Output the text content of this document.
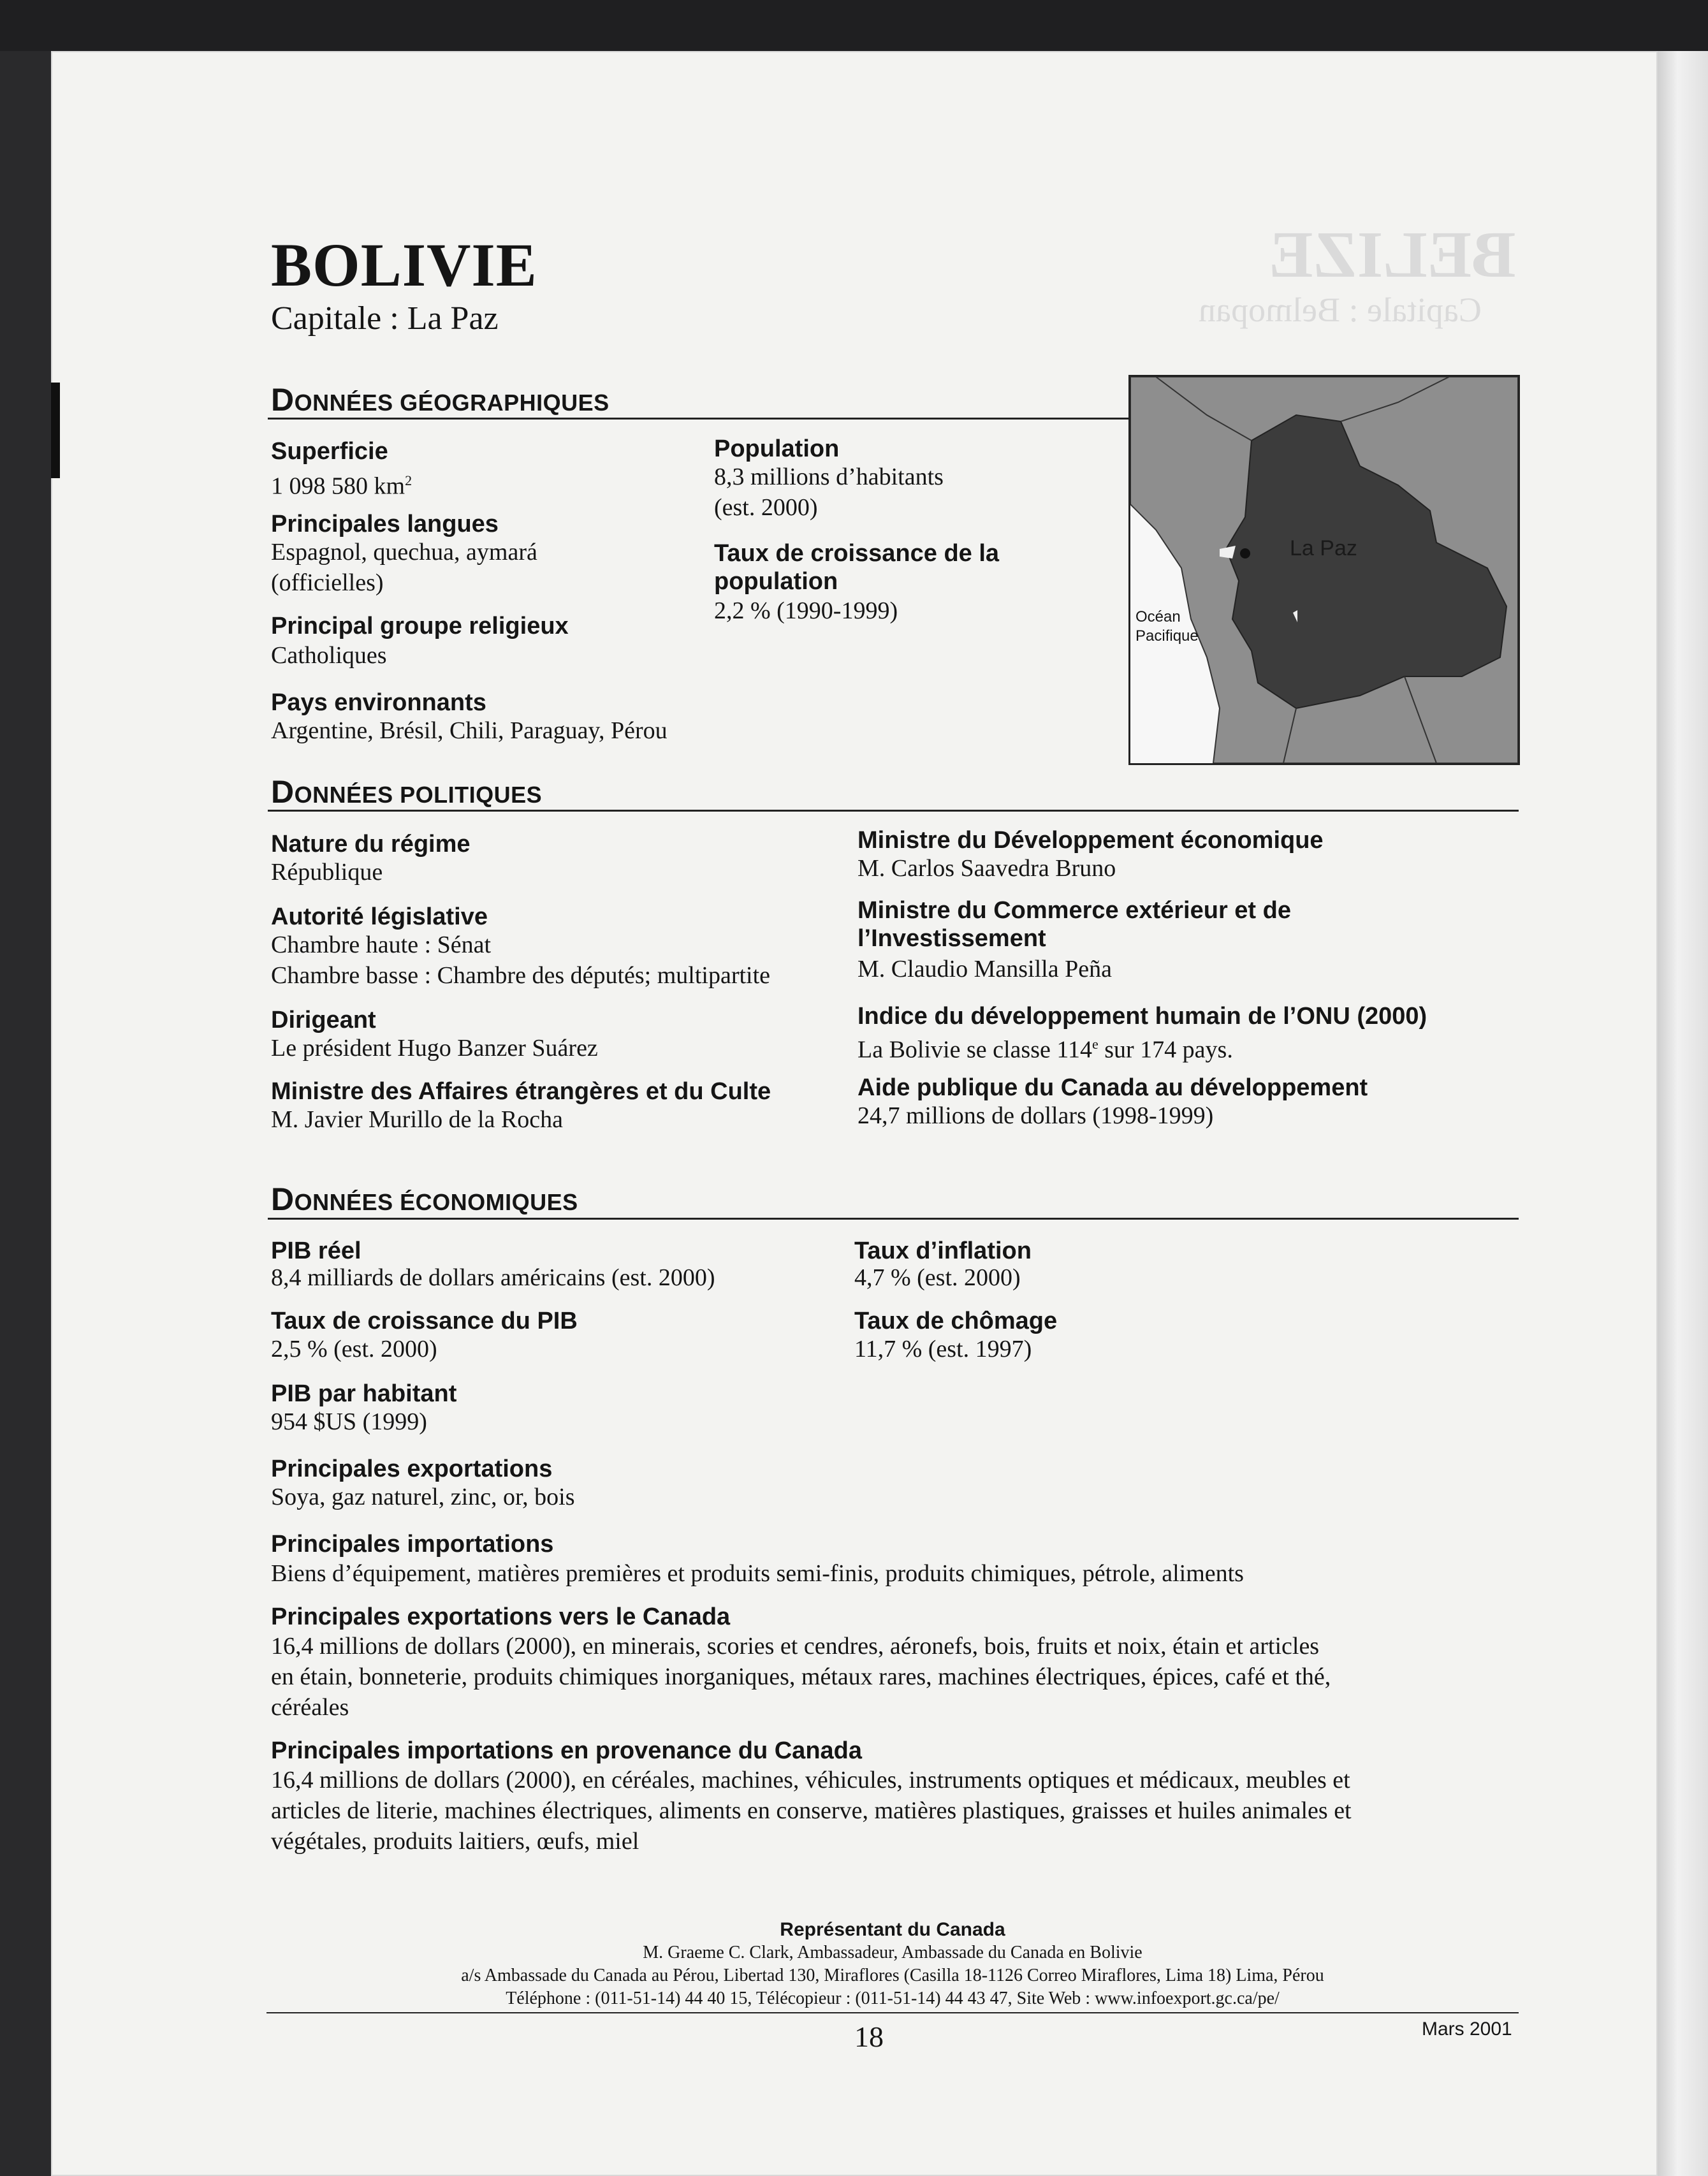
BELIZE
Capitale : Belmopan
BOLIVIE
Capitale : La Paz
DONNÉES GÉOGRAPHIQUES
Superficie
1 098 580 $km^2$
Principales langues
Espagnol, quechua, aymará
(officielles)
Principal groupe religieux
Catholiques
Pays environnants
Argentine, Brésil, Chili, Paraguay, Pérou
Population
8,3 millions d’habitants
(est. 2000)
Taux de croissance de la
population
2,2 % (1990-1999)
La Paz
Océan
Pacifique
DONNÉES POLITIQUES
Nature du régime
République
Autorité législative
Chambre haute : Sénat
Chambre basse : Chambre des députés; multipartite
Dirigeant
Le président Hugo Banzer Suárez
Ministre des Affaires étrangères et du Culte
M. Javier Murillo de la Rocha
Ministre du Développement économique
M. Carlos Saavedra Bruno
Ministre du Commerce extérieur et de
l’Investissement
M. Claudio Mansilla Peña
Indice du développement humain de l’ONU (2000)
La Bolivie se classe 114e sur 174 pays.
Aide publique du Canada au développement
24,7 millions de dollars (1998-1999)
DONNÉES ÉCONOMIQUES
PIB réel
8,4 milliards de dollars américains (est. 2000)
Taux de croissance du PIB
2,5 % (est. 2000)
PIB par habitant
954 $US (1999)
Taux d’inflation
4,7 % (est. 2000)
Taux de chômage
11,7 % (est. 1997)
Principales exportations
Soya, gaz naturel, zinc, or, bois
Principales importations
Biens d’équipement, matières premières et produits semi-finis, produits chimiques, pétrole, aliments
Principales exportations vers le Canada
16,4 millions de dollars (2000), en minerais, scories et cendres, aéronefs, bois, fruits et noix, étain et articles
en étain, bonneterie, produits chimiques inorganiques, métaux rares, machines électriques, épices, café et thé,
céréales
Principales importations en provenance du Canada
16,4 millions de dollars (2000), en céréales, machines, véhicules, instruments optiques et médicaux, meubles et
articles de literie, machines électriques, aliments en conserve, matières plastiques, graisses et huiles animales et
végétales, produits laitiers, œufs, miel
Représentant du Canada
M. Graeme C. Clark, Ambassadeur, Ambassade du Canada en Bolivie
a/s Ambassade du Canada au Pérou, Libertad 130, Miraflores (Casilla 18-1126 Correo Miraflores, Lima 18) Lima, Pérou
Téléphone : (011-51-14) 44 40 15, Télécopieur : (011-51-14) 44 43 47, Site Web : www.infoexport.gc.ca/pe/
18	Mars 2001
